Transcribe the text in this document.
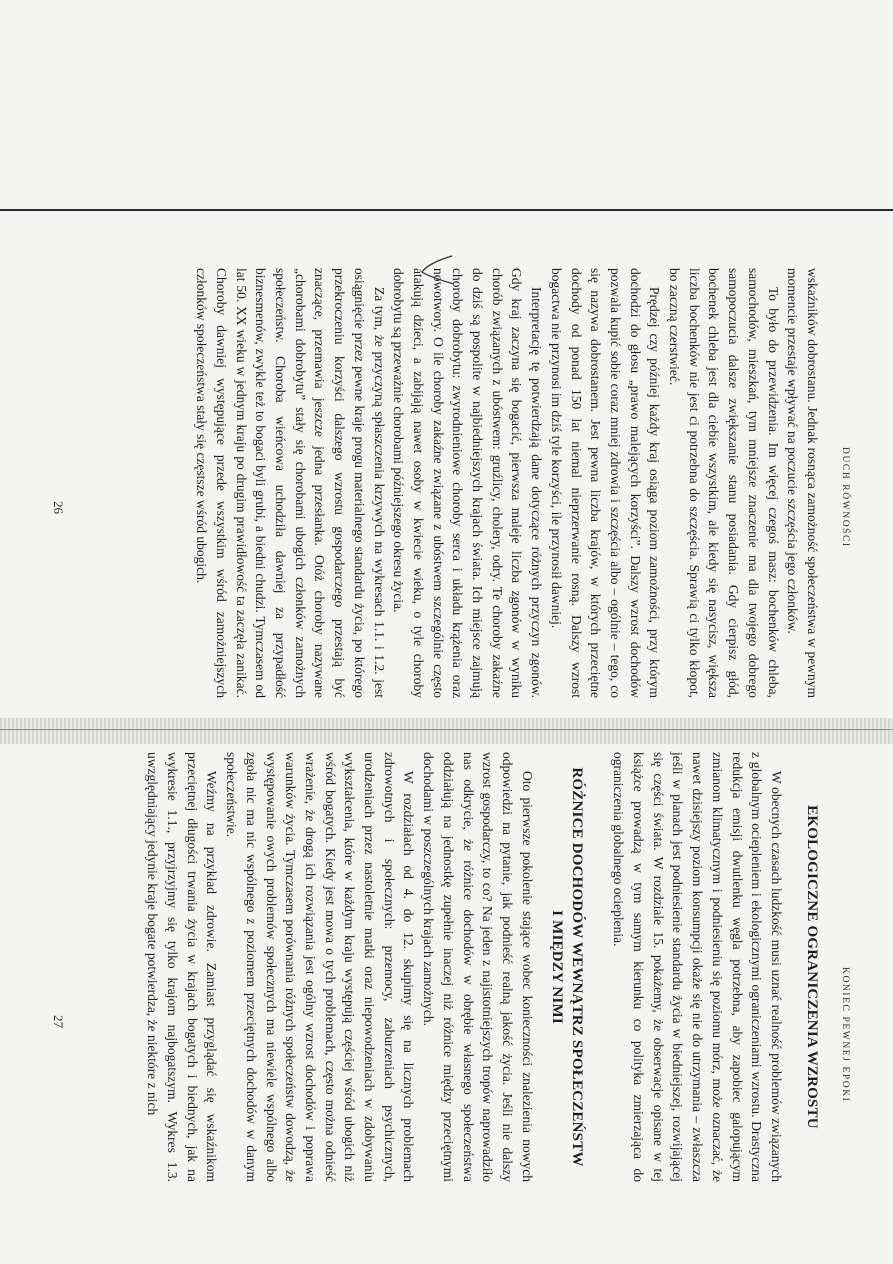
DUCH RÓWNOŚCI
26	wskaźników dobrostanu. Jednak rosnąca zamożność społeczeństwa w pewnym momencie przestaje wpływać na poczucie szczęścia jego członków.

To było do przewidzenia. Im więcej czegoś masz: bochenków chleba, samochodów, mieszkań, tym mniejsze znaczenie ma dla twojego dobrego samopoczucia dalsze zwiększanie stanu posiadania. Gdy cierpisz głód, bochenek chleba jest dla ciebie wszystkim, ale kiedy się nasycisz, większa liczba bochenków nie jest ci potrzebna do szczęścia. Sprawią ci tylko kłopot, bo zaczną czerstwieć.

Prędzej czy później każdy kraj osiąga poziom zamożności, przy którym dochodzi do głosu „prawo malejących korzyści”. Dalszy wzrost dochodów pozwala kupić sobie coraz mniej zdrowia i szczęścia albo – ogólnie – tego, co się nazywa dobrostanem. Jest pewna liczba krajów, w których przeciętne dochody od ponad 150 lat niemal nieprzerwanie rosną. Dalszy wzrost bogactwa nie przynosi im dziś tyle korzyści, ile przynosił dawniej.

Interpretację tę potwierdzają dane dotyczące różnych przyczyn zgonów. Gdy kraj zaczyna się bogacić, pierwsza maleje liczba zgonów w wyniku chorób związanych z ubóstwem: gruźlicy, cholery, odry. Te choroby zakaźne do dziś są pospolite w najbiedniejszych krajach świata. Ich miejsce zajmują choroby dobrobytu: zwyrodnieniowe choroby serca i układu krążenia oraz nowotwory. O ile choroby zakaźne związane z ubóstwem szczególnie często atakują dzieci, a zabijają nawet osoby w kwiecie wieku, o tyle choroby dobrobytu są przeważnie chorobami późniejszego okresu życia.

Za tym, że przyczyną spłaszczenia krzywych na wykresach 1.1. i 1.2. jest osiągnięcie przez pewne kraje progu materialnego standardu życia, po którego przekroczeniu korzyści dalszego wzrostu gospodarczego przestają być znaczące, przemawia jeszcze jedna przesłanka. Otóż choroby nazywane „chorobami dobrobytu” stały się chorobami ubogich członków zamożnych społeczeństw. Choroba wieńcowa uchodziła dawniej za przypadłość biznesmenów, zwykle też to bogaci byli grubi, a biedni chudzi. Tymczasem od lat 50. XX wieku w jednym kraju po drugim prawidłowość ta zaczęła zanikać. Choroby dawniej występujące przede wszystkim wśród zamożniejszych członków społeczeństwa stały się częstsze wśród ubogich.

KONIEC PEWNEJ EPOKI
27	EKOLOGICZNE OGRANICZENIA WZROSTU

W obecnych czasach ludzkość musi uznać realność problemów związanych z globalnym ociepleniem i ekologicznymi ograniczeniami wzrostu. Drastyczna redukcja emisji dwutlenku węgla potrzebna, aby zapobiec galopującym zmianom klimatycznym i podniesieniu się poziomu mórz, może oznaczać, że nawet dzisiejszy poziom konsumpcji okaże się nie do utrzymania – zwłaszcza jeśli w planach jest podniesienie standardu życia w biedniejszej, rozwijającej się części świata. W rozdziale 15. pokażemy, że obserwacje opisane w tej książce prowadzą w tym samym kierunku co polityka zmierzająca do ograniczenia globalnego ocieplenia.

RÓŻNICE DOCHODÓW WEWNĄTRZ SPOŁECZEŃSTW
I MIĘDZY NIMI

Oto pierwsze pokolenie stające wobec konieczności znalezienia nowych odpowiedzi na pytanie, jak podnieść realną jakość życia. Jeśli nie dalszy wzrost gospodarczy, to co? Na jeden z najistotniejszych tropów naprowadziło nas odkrycie, że różnice dochodów w obrębie własnego społeczeństwa oddziałują na jednostkę zupełnie inaczej niż różnice między przeciętnymi dochodami w poszczególnych krajach zamożnych.

W rozdziałach od 4. do 12. skupimy się na licznych problemach zdrowotnych i społecznych: przemocy, zaburzeniach psychicznych, urodzeniach przez nastoletnie matki oraz niepowodzeniach w zdobywaniu wykształcenia, które w każdym kraju występują częściej wśród ubogich niż wśród bogatych. Kiedy jest mowa o tych problemach, często można odnieść wrażenie, że drogą ich rozwiązania jest ogólny wzrost dochodów i poprawa warunków życia. Tymczasem porównania różnych społeczeństw dowodzą, że występowanie owych problemów społecznych ma niewiele wspólnego albo zgoła nic ma nic wspólnego z poziomem przeciętnych dochodów w danym społeczeństwie.

Weźmy na przykład zdrowie. Zamiast przyglądać się wskaźnikom przeciętnej długości trwania życia w krajach bogatych i biednych, jak na wykresie 1.1., przyjrzyjmy się tylko krajom najbogatszym. Wykres 1.3. uwzględniający jedynie kraje bogate potwierdza, że niektóre z nich
